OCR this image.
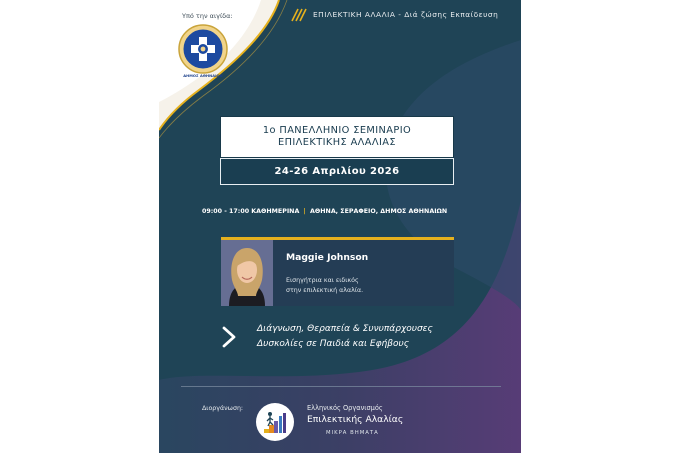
Υπό την αιγίδα:
ΔΗΜΟΣ ΑΘΗΝΑΙΩΝ
ΕΠΙΛΕΚΤΙΚΗ ΑΛΑΛΙΑ - Διά ζώσης Εκπαίδευση
1ο ΠΑΝΕΛΛΗΝΙΟ ΣΕΜΙΝΑΡΙΟ
ΕΠΙΛΕΚΤΙΚΗΣ ΑΛΑΛΙΑΣ
24-26 Απριλίου 2026
09:00 - 17:00 ΚΑΘΗΜΕΡΙΝΑ | ΑΘΗΝΑ, ΣΕΡΑΦΕΙΟ, ΔΗΜΟΣ ΑΘΗΝΑΙΩΝ
Maggie Johnson
Εισηγήτρια και ειδικός
στην επιλεκτική αλαλία.
Διάγνωση, Θεραπεία & Συνυπάρχουσες
Δυσκολίες σε Παιδιά και Εφήβους
Διοργάνωση:	Ελληνικός Οργανισμός
Επιλεκτικής Αλαλίας
ΜΙΚΡΑ ΒΗΜΑΤΑ
